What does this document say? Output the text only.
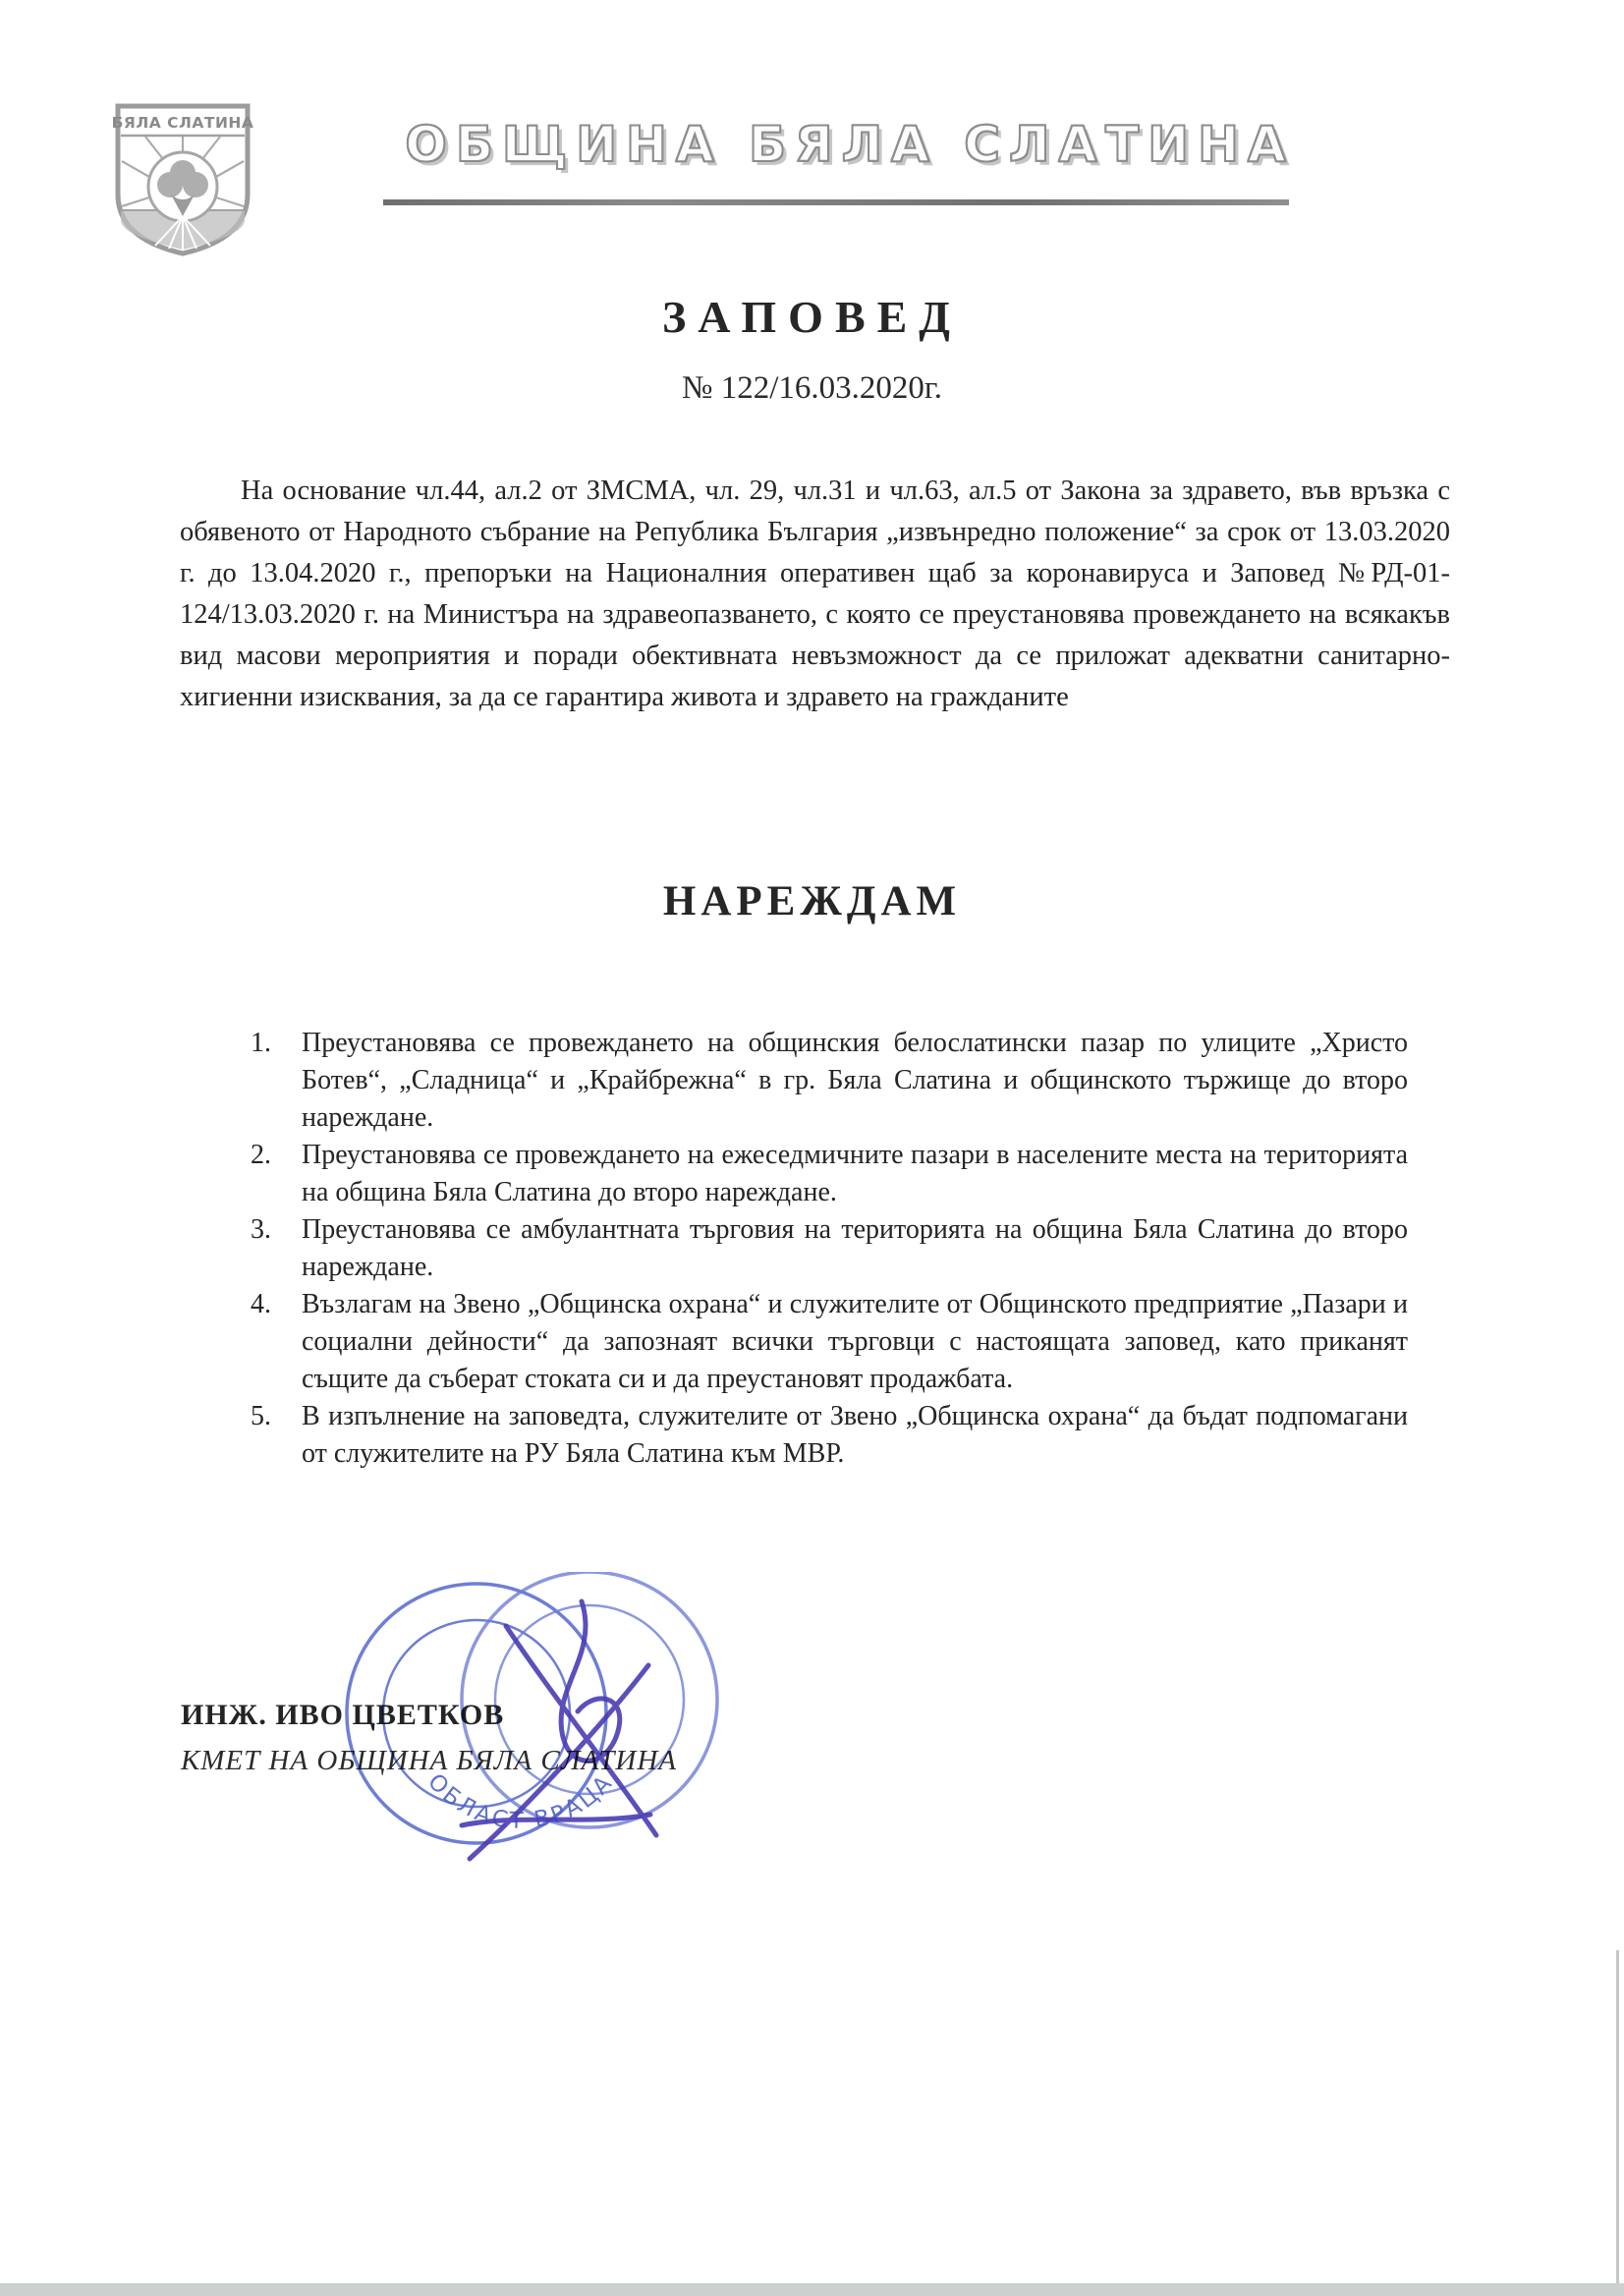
БЯЛА СЛАТИНА	ОБЩИНА БЯЛА СЛАТИНА
ЗАПОВЕД
№ 122/16.03.2020г.

На основание чл.44, ал.2 от ЗМСМА, чл. 29, чл.31 и чл.63, ал.5 от Закона за здравето, във връзка с обявеното от Народното събрание на Република България „извънредно положение“ за срок от 13.03.2020 г. до 13.04.2020 г., препоръки на Националния оперативен щаб за коронавируса и Заповед №РД-01-124/13.03.2020 г. на Министъра на здравеопазването, с която се преустановява провеждането на всякакъв вид масови мероприятия и поради обективната невъзможност да се приложат адекватни санитарно-хигиенни изисквания, за да се гарантира живота и здравето на гражданите

НАРЕЖДАМ
Преустановява се провеждането на общинския белослатински пазар по улиците „Христо Ботев“, „Сладница“ и „Крайбрежна“ в гр. Бяла Слатина и общинското тържище до второ нареждане.
Преустановява се провеждането на ежеседмичните пазари в населените места на територията на община Бяла Слатина до второ нареждане.
Преустановява се амбулантната търговия на територията на община Бяла Слатина до второ нареждане.
Възлагам на Звено „Общинска охрана“ и служителите от Общинското предприятие „Пазари и социални дейности“ да запознаят всички търговци с настоящата заповед, като приканят същите да съберат стоката си и да преустановят продажбата.
В изпълнение на заповедта, служителите от Звено „Общинска охрана“ да бъдат подпомагани от служителите на РУ Бяла Слатина към МВР.
ИНЖ. ИВО ЦВЕТКОВ
КМЕТ НА ОБЩИНА БЯЛА СЛАТИНА
ОБЛАСТ ВРАЦА
